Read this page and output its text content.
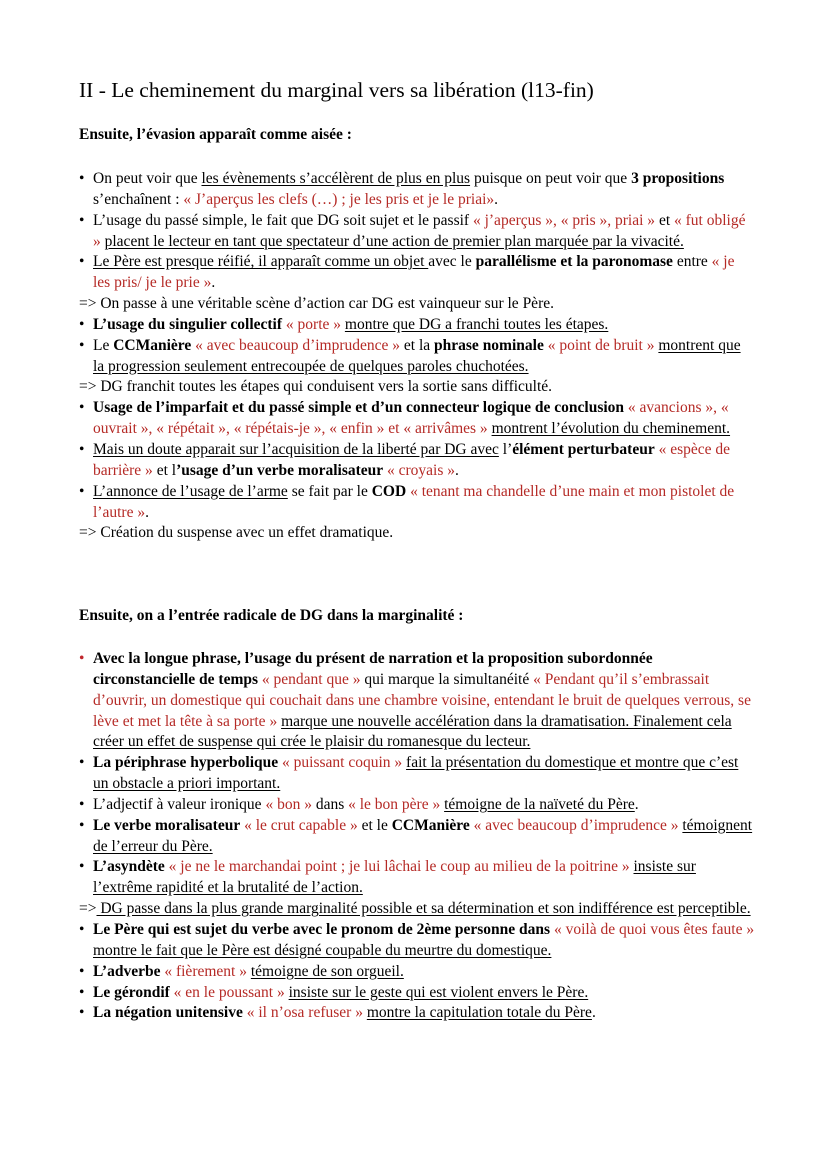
II - Le cheminement du marginal vers sa libération (l13-fin)
Ensuite, l’évasion apparaît comme aisée :
• On peut voir que les évènements s’accélèrent de plus en plus puisque on peut voir que 3 propositions s’enchaînent : « J’aperçus les clefs (…) ; je les pris et je le priai».
• L’usage du passé simple, le fait que DG soit sujet et le passif « j’aperçus », « pris », priai » et « fut obligé » placent le lecteur en tant que spectateur d’une action de premier plan marquée par la vivacité.
• Le Père est presque réifié, il apparaît comme un objet avec le parallélisme et la paronomase entre « je les pris/ je le prie ».
=> On passe à une véritable scène d’action car DG est vainqueur sur le Père.
• L’usage du singulier collectif « porte » montre que DG a franchi toutes les étapes.
• Le CCManière « avec beaucoup d’imprudence » et la phrase nominale « point de bruit » montrent que la progression seulement entrecoupée de quelques paroles chuchotées.
=> DG franchit toutes les étapes qui conduisent vers la sortie sans difficulté.
• Usage de l’imparfait et du passé simple et d’un connecteur logique de conclusion « avancions », « ouvrait », « répétait », « répétais-je », « enfin » et « arrivâmes » montrent l’évolution du cheminement.
• Mais un doute apparait sur l’acquisition de la liberté par DG avec l’élément perturbateur « espèce de barrière » et l’usage d’un verbe moralisateur « croyais ».
• L’annonce de l’usage de l’arme se fait par le COD « tenant ma chandelle d’une main et mon pistolet de l’autre ».
=> Création du suspense avec un effet dramatique.
Ensuite, on a l’entrée radicale de DG dans la marginalité :
• Avec la longue phrase, l’usage du présent de narration et la proposition subordonnée circonstancielle de temps « pendant que » qui marque la simultanéité « Pendant qu’il s’embrassait d’ouvrir, un domestique qui couchait dans une chambre voisine, entendant le bruit de quelques verrous, se lève et met la tête à sa porte » marque une nouvelle accélération dans la dramatisation. Finalement cela créer un effet de suspense qui crée le plaisir du romanesque du lecteur.
• La périphrase hyperbolique « puissant coquin » fait la présentation du domestique et montre que c’est un obstacle a priori important.
• L’adjectif à valeur ironique « bon » dans « le bon père » témoigne de la naïveté du Père.
• Le verbe moralisateur « le crut capable » et le CCManière « avec beaucoup d’imprudence » témoignent de l’erreur du Père.
• L’asyndète « je ne le marchandai point ; je lui lâchai le coup au milieu de la poitrine » insiste sur l’extrême rapidité et la brutalité de l’action.
=> DG passe dans la plus grande marginalité possible et sa détermination et son indifférence est perceptible.
• Le Père qui est sujet du verbe avec le pronom de 2ème personne dans « voilà de quoi vous êtes faute » montre le fait que le Père est désigné coupable du meurtre du domestique.
• L’adverbe « fièrement » témoigne de son orgueil.
• Le gérondif « en le poussant » insiste sur le geste qui est violent envers le Père.
• La négation unitensive « il n’osa refuser » montre la capitulation totale du Père.
